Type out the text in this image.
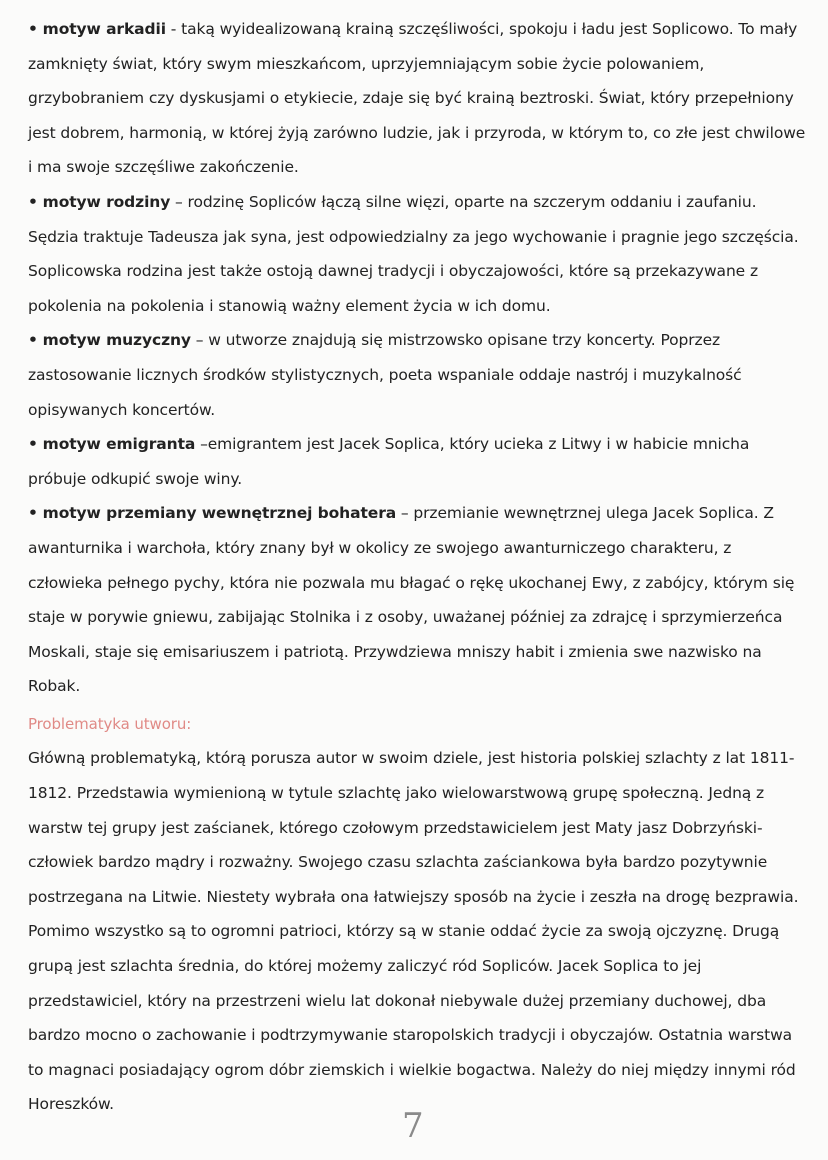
• motyw arkadii - taką wyidealizowaną krainą szczęśliwości, spokoju i ładu jest Soplicowo. To mały zamknięty świat, który swym mieszkańcom, uprzyjemniającym sobie życie polowaniem, grzybobraniem czy dyskusjami o etykiecie, zdaje się być krainą beztroski. Świat, który przepełniony jest dobrem, harmonią, w której żyją zarówno ludzie, jak i przyroda, w którym to, co złe jest chwilowe i ma swoje szczęśliwe zakończenie.

• motyw rodziny – rodzinę Sopliców łączą silne więzi, oparte na szczerym oddaniu i zaufaniu. Sędzia traktuje Tadeusza jak syna, jest odpowiedzialny za jego wychowanie i pragnie jego szczęścia. Soplicowska rodzina jest także ostoją dawnej tradycji i obyczajowości, które są przekazywane z pokolenia na pokolenia i stanowią ważny element życia w ich domu.

• motyw muzyczny – w utworze znajdują się mistrzowsko opisane trzy koncerty. Poprzez zastosowanie licznych środków stylistycznych, poeta wspaniale oddaje nastrój i muzykalność opisywanych koncertów.

• motyw emigranta –emigrantem jest Jacek Soplica, który ucieka z Litwy i w habicie mnicha próbuje odkupić swoje winy.

• motyw przemiany wewnętrznej bohatera – przemianie wewnętrznej ulega Jacek Soplica. Z awanturnika i warchoła, który znany był w okolicy ze swojego awanturniczego charakteru, z człowieka pełnego pychy, która nie pozwala mu błagać o rękę ukochanej Ewy, z zabójcy, którym się staje w porywie gniewu, zabijając Stolnika i z osoby, uważanej później za zdrajcę i sprzymierzeńca Moskali, staje się emisariuszem i patriotą. Przywdziewa mniszy habit i zmienia swe nazwisko na Robak.

Problematyka utworu:

Główną problematyką, którą porusza autor w swoim dziele, jest historia polskiej szlachty z lat 1811-1812. Przedstawia wymienioną w tytule szlachtę jako wielowarstwową grupę społeczną. Jedną z warstw tej grupy jest zaścianek, którego czołowym przedstawicielem jest Maty jasz Dobrzyński-człowiek bardzo mądry i rozważny. Swojego czasu szlachta zaściankowa była bardzo pozytywnie postrzegana na Litwie. Niestety wybrała ona łatwiejszy sposób na życie i zeszła na drogę bezprawia. Pomimo wszystko są to ogromni patrioci, którzy są w stanie oddać życie za swoją ojczyznę. Drugą grupą jest szlachta średnia, do której możemy zaliczyć ród Sopliców. Jacek Soplica to jej przedstawiciel, który na przestrzeni wielu lat dokonał niebywale dużej przemiany duchowej, dba bardzo mocno o zachowanie i podtrzymywanie staropolskich tradycji i obyczajów. Ostatnia warstwa to magnaci posiadający ogrom dóbr ziemskich i wielkie bogactwa. Należy do niej między innymi ród Horeszków.

7
